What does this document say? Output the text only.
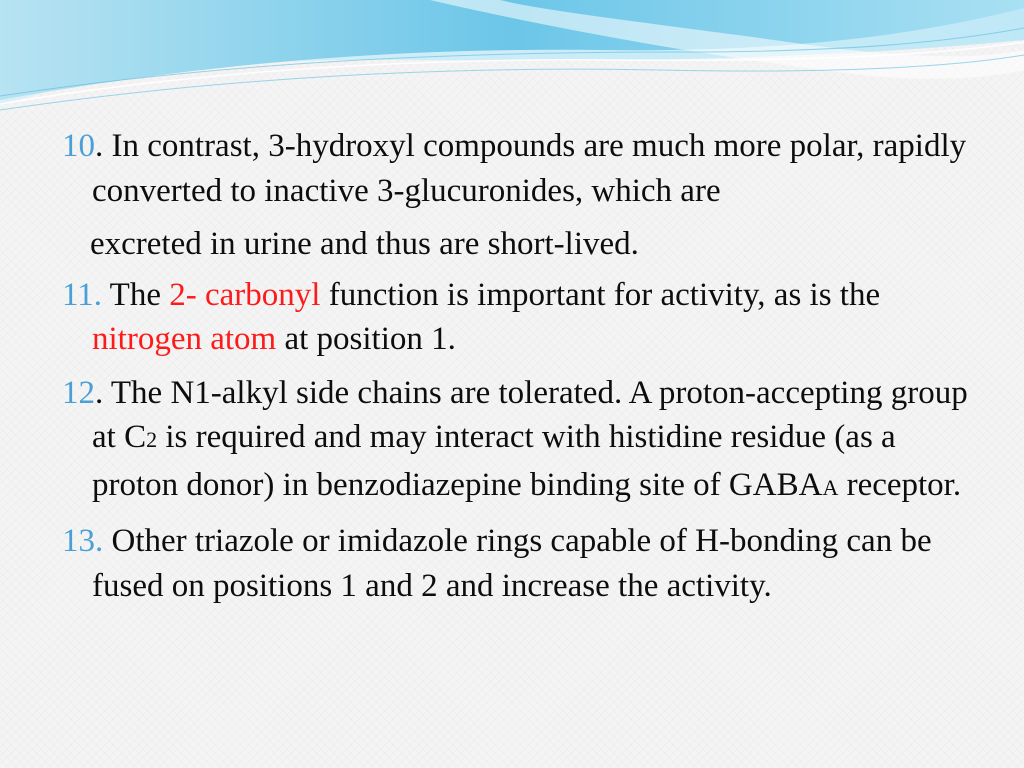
10. In contrast, 3-hydroxyl compounds are much more polar, rapidly converted to inactive 3-glucuronides, which are
excreted in urine and thus are short-lived.
11. The 2- carbonyl function is important for activity, as is the nitrogen atom at position 1.
12. The N1-alkyl side chains are tolerated. A proton-accepting group at C2 is required and may interact with histidine residue (as a proton donor) in benzodiazepine binding site of GABAA receptor.
13. Other triazole or imidazole rings capable of H-bonding can be fused on positions 1 and 2 and increase the activity.
